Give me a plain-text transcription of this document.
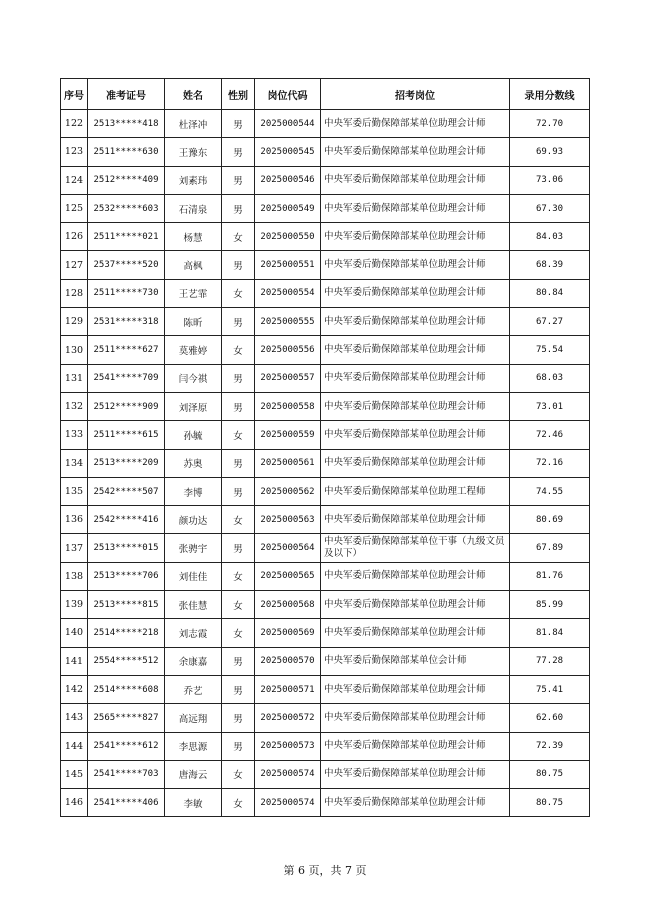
序号	准考证号	姓名	性别	岗位代码	招考岗位	录用分数线
122	2513*****418	杜泽冲	男	2025000544	中央军委后勤保障部某单位助理会计师	72.70
123	2511*****630	王豫东	男	2025000545	中央军委后勤保障部某单位助理会计师	69.93
124	2512*****409	刘素玮	男	2025000546	中央军委后勤保障部某单位助理会计师	73.06
125	2532*****603	石清泉	男	2025000549	中央军委后勤保障部某单位助理会计师	67.30
126	2511*****021	杨慧	女	2025000550	中央军委后勤保障部某单位助理会计师	84.03
127	2537*****520	高枫	男	2025000551	中央军委后勤保障部某单位助理会计师	68.39
128	2511*****730	王艺霏	女	2025000554	中央军委后勤保障部某单位助理会计师	80.84
129	2531*****318	陈昕	男	2025000555	中央军委后勤保障部某单位助理会计师	67.27
130	2511*****627	莫雅婷	女	2025000556	中央军委后勤保障部某单位助理会计师	75.54
131	2541*****709	闫今祺	男	2025000557	中央军委后勤保障部某单位助理会计师	68.03
132	2512*****909	刘泽原	男	2025000558	中央军委后勤保障部某单位助理会计师	73.01
133	2511*****615	孙毓	女	2025000559	中央军委后勤保障部某单位助理会计师	72.46
134	2513*****209	苏奥	男	2025000561	中央军委后勤保障部某单位助理会计师	72.16
135	2542*****507	李博	男	2025000562	中央军委后勤保障部某单位助理工程师	74.55
136	2542*****416	颜功达	女	2025000563	中央军委后勤保障部某单位助理会计师	80.69
137	2513*****015	张骋宇	男	2025000564	中央军委后勤保障部某单位干事（九级文员及以下）	67.89
138	2513*****706	刘佳佳	女	2025000565	中央军委后勤保障部某单位助理会计师	81.76
139	2513*****815	张佳慧	女	2025000568	中央军委后勤保障部某单位助理会计师	85.99
140	2514*****218	刘志霞	女	2025000569	中央军委后勤保障部某单位助理会计师	81.84
141	2554*****512	余康嘉	男	2025000570	中央军委后勤保障部某单位会计师	77.28
142	2514*****608	乔艺	男	2025000571	中央军委后勤保障部某单位助理会计师	75.41
143	2565*****827	高远翔	男	2025000572	中央军委后勤保障部某单位助理会计师	62.60
144	2541*****612	李思源	男	2025000573	中央军委后勤保障部某单位助理会计师	72.39
145	2541*****703	唐海云	女	2025000574	中央军委后勤保障部某单位助理会计师	80.75
146	2541*****406	李敏	女	2025000574	中央军委后勤保障部某单位助理会计师	80.75
第 6 页，共 7 页
